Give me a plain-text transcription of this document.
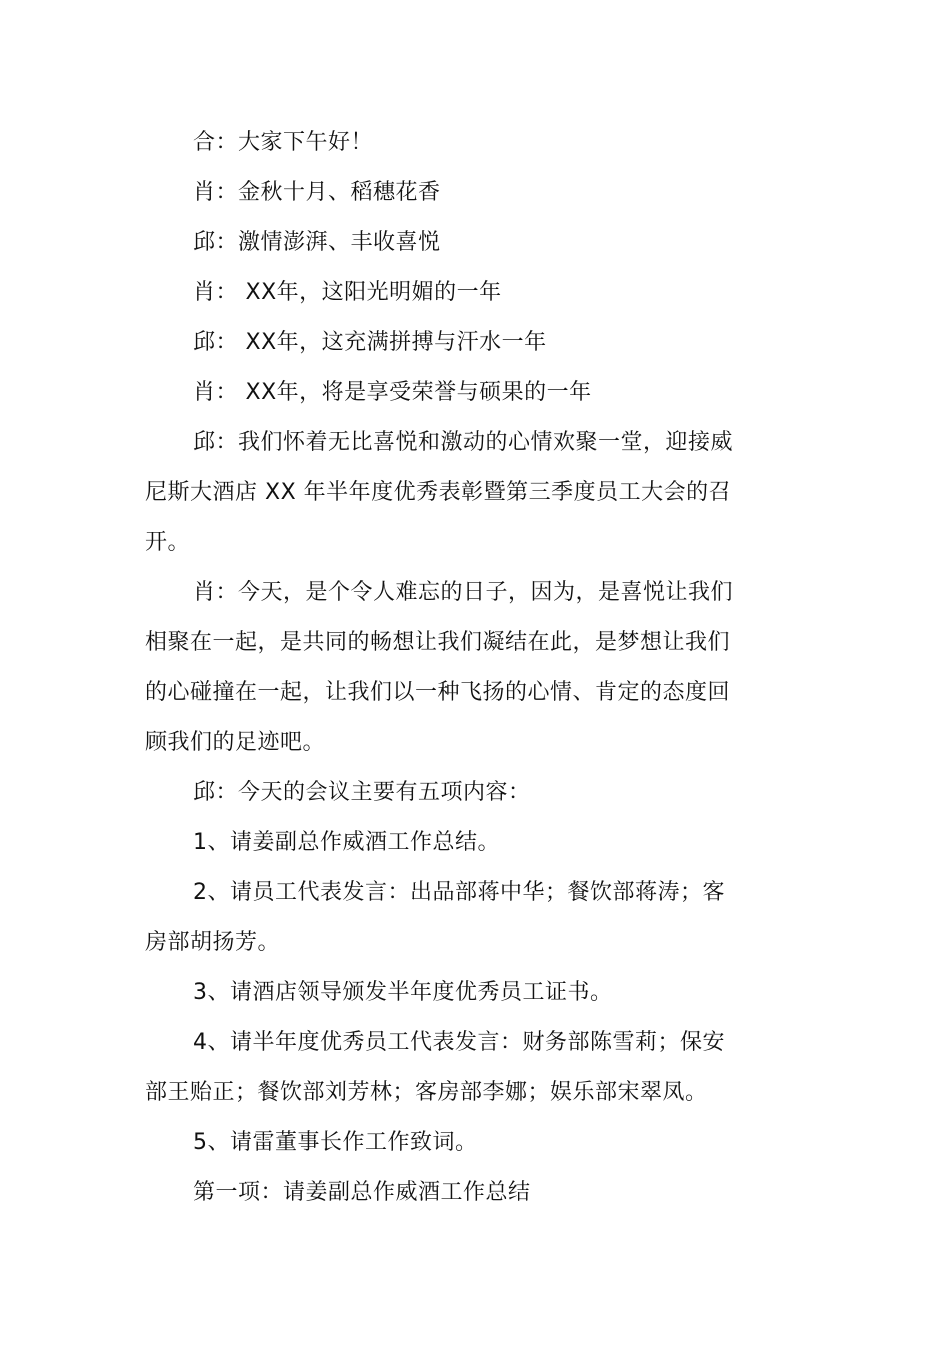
合：大家下午好！

肖：金秋十月、稻穗花香

邱：激情澎湃、丰收喜悦

肖： XX年，这阳光明媚的一年

邱： XX年，这充满拼搏与汗水一年

肖： XX年，将是享受荣誉与硕果的一年

邱：我们怀着无比喜悦和激动的心情欢聚一堂，迎接威尼斯大酒店 XX 年半年度优秀表彰暨第三季度员工大会的召开。

肖：今天，是个令人难忘的日子，因为，是喜悦让我们相聚在一起，是共同的畅想让我们凝结在此，是梦想让我们的心碰撞在一起，让我们以一种飞扬的心情、肯定的态度回顾我们的足迹吧。

邱：今天的会议主要有五项内容：

1、请姜副总作威酒工作总结。

2、请员工代表发言：出品部蒋中华；餐饮部蒋涛；客房部胡扬芳。

3、请酒店领导颁发半年度优秀员工证书。

4、请半年度优秀员工代表发言：财务部陈雪莉；保安部王贻正；餐饮部刘芳林；客房部李娜；娱乐部宋翠凤。

5、请雷董事长作工作致词。

第一项：请姜副总作威酒工作总结
